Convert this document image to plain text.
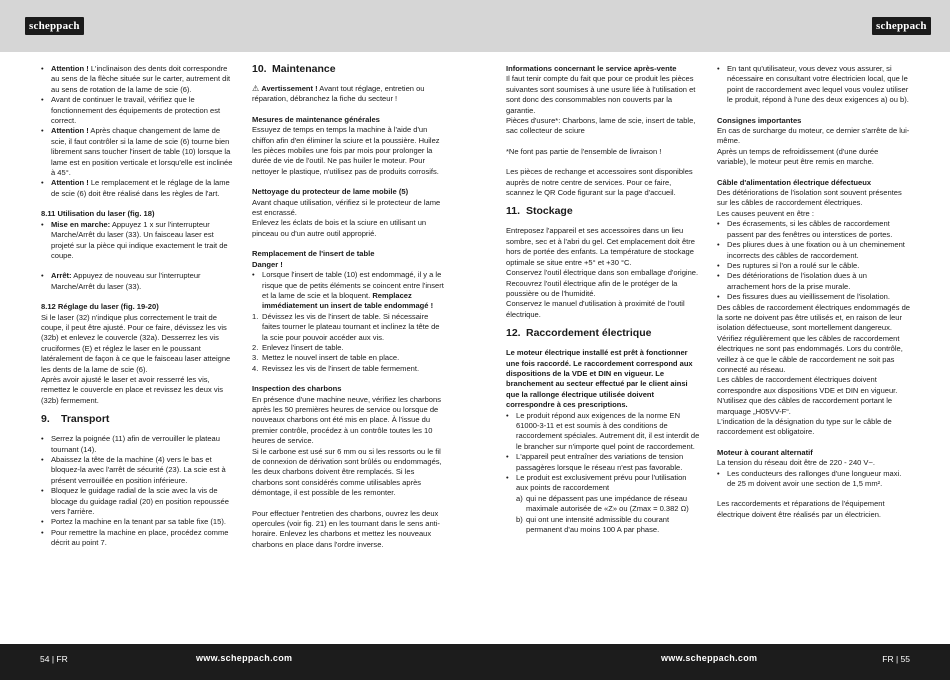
scheppach	scheppach
• Attention ! L'inclinaison des dents doit correspondre au sens de la flèche située sur le carter, autrement dit au sens de rotation de la lame de scie (6).
• Avant de continuer le travail, vérifiez que le fonctionnement des équipements de protection est correct.
• Attention ! Après chaque changement de lame de scie, il faut contrôler si la lame de scie (6) tourne bien librement sans toucher l'insert de table (10) lorsque la lame est en position verticale et lorsqu'elle est inclinée à 45°.
• Attention ! Le remplacement et le réglage de la lame de scie (6) doit être réalisé dans les règles de l'art.
8.11 Utilisation du laser (fig. 18)
• Mise en marche: Appuyez 1 x sur l'interrupteur Marche/Arrêt du laser (33). Un faisceau laser est projeté sur la pièce qui indique exactement le trait de coupe.
• Arrêt: Appuyez de nouveau sur l'interrupteur Marche/Arrêt du laser (33).
8.12 Réglage du laser (fig. 19-20)

Si le laser (32) n'indique plus correctement le trait de coupe, il peut être ajusté. Pour ce faire, dévissez les vis (32b) et enlevez le couvercle (32a). Desserrez les vis cruciformes (E) et réglez le laser en le poussant latéralement de façon à ce que le faisceau laser atteigne les dents de la lame de scie (6).

Après avoir ajusté le laser et avoir resserré les vis, remettez le couvercle en place et revissez les deux vis (32b) fermement.

9. Transport
• Serrez la poignée (11) afin de verrouiller le plateau tournant (14).
• Abaissez la tête de la machine (4) vers le bas et bloquez-la avec l'arrêt de sécurité (23). La scie est à présent verrouillée en position inférieure.
• Bloquez le guidage radial de la scie avec la vis de blocage du guidage radial (20) en position repoussée vers l'arrière.
• Portez la machine en la tenant par sa table fixe (15).
• Pour remettre la machine en place, procédez comme décrit au point 7.
10. Maintenance

⚠ Avertissement ! Avant tout réglage, entretien ou réparation, débranchez la fiche du secteur !

Mesures de maintenance générales

Essuyez de temps en temps la machine à l'aide d'un chiffon afin d'en éliminer la sciure et la poussière. Huilez les pièces mobiles une fois par mois pour prolonger la durée de vie de l'outil. Ne pas huiler le moteur. Pour nettoyer le plastique, n'utilisez pas de produits corrosifs.

Nettoyage du protecteur de lame mobile (5)

Avant chaque utilisation, vérifiez si le protecteur de lame est encrassé.

Enlevez les éclats de bois et la sciure en utilisant un pinceau ou d'un autre outil approprié.

Remplacement de l'insert de table
Danger !
• Lorsque l'insert de table (10) est endommagé, il y a le risque que de petits éléments se coincent entre l'insert et la lame de scie et la bloquent. Remplacez immédiatement un insert de table endommagé !
1. Dévissez les vis de l'insert de table. Si nécessaire faites tourner le plateau tournant et inclinez la tête de la scie pour pouvoir accéder aux vis.
2. Enlevez l'insert de table.
3. Mettez le nouvel insert de table en place.
4. Revissez les vis de l'insert de table fermement.
Inspection des charbons

En présence d'une machine neuve, vérifiez les charbons après les 50 premières heures de service ou lorsque de nouveaux charbons ont été mis en place. À l'issue du premier contrôle, procédez à un contrôle toutes les 10 heures de service.

Si le carbone est usé sur 6 mm ou si les ressorts ou le fil de connexion de dérivation sont brûlés ou endommagés, les deux charbons doivent être remplacés. Si les charbons sont considérés comme utilisables après démontage, il est possible de les remonter.

Pour effectuer l'entretien des charbons, ouvrez les deux opercules (voir fig. 21) en les tournant dans le sens anti-horaire. Enlevez les charbons et mettez les nouveaux charbons en place dans l'ordre inverse.

Informations concernant le service après-vente

Il faut tenir compte du fait que pour ce produit les pièces suivantes sont soumises à une usure liée à l'utilisation et sont donc des consommables non couverts par la garantie.

Pièces d'usure*: Charbons, lame de scie, insert de table, sac collecteur de sciure

*Ne font pas partie de l'ensemble de livraison !

Les pièces de rechange et accessoires sont disponibles auprès de notre centre de services. Pour ce faire, scannez le QR Code figurant sur la page d'accueil.

11. Stockage

Entreposez l'appareil et ses accessoires dans un lieu sombre, sec et à l'abri du gel. Cet emplacement doit être hors de portée des enfants. La température de stockage optimale se situe entre +5° et +30 °C.

Conservez l'outil électrique dans son emballage d'origine.

Recouvrez l'outil électrique afin de le protéger de la poussière ou de l'humidité.

Conservez le manuel d'utilisation à proximité de l'outil électrique.

12. Raccordement électrique

Le moteur électrique installé est prêt à fonctionner une fois raccordé. Le raccordement correspond aux dispositions de la VDE et DIN en vigueur. Le branchement au secteur effectué par le client ainsi que la rallonge électrique utilisée doivent correspondre à ces prescriptions.

• Le produit répond aux exigences de la norme EN 61000-3-11 et est soumis à des conditions de raccordement spéciales. Autrement dit, il est interdit de le brancher sur n'importe quel point de raccordement.
• L'appareil peut entraîner des variations de tension passagères lorsque le réseau n'est pas favorable.
• Le produit est exclusivement prévu pour l'utilisation aux points de raccordement
a) qui ne dépassent pas une impédance de réseau maximale autorisée de «Z» ou (Zmax = 0.382 Ω)
b) qui ont une intensité admissible du courant permanent d'au moins 100 A par phase.
• En tant qu'utilisateur, vous devez vous assurer, si nécessaire en consultant votre électricien local, que le point de raccordement avec lequel vous voulez utiliser le produit, répond à l'une des deux exigences a) ou b).
Consignes importantes

En cas de surcharge du moteur, ce dernier s'arrête de lui-même.

Après un temps de refroidissement (d'une durée variable), le moteur peut être remis en marche.

Câble d'alimentation électrique défectueux

Des détériorations de l'isolation sont souvent présentes sur les câbles de raccordement électriques.

Les causes peuvent en être :

• Des écrasements, si les câbles de raccordement passent par des fenêtres ou interstices de portes.
• Des pliures dues à une fixation ou à un cheminement incorrects des câbles de raccordement.
• Des ruptures si l'on a roulé sur le câble.
• Des détériorations de l'isolation dues à un arrachement hors de la prise murale.
• Des fissures dues au vieillissement de l'isolation.

Des câbles de raccordement électriques endommagés de la sorte ne doivent pas être utilisés et, en raison de leur isolation défectueuse, sont mortellement dangereux.

Vérifiez régulièrement que les câbles de raccordement électriques ne sont pas endommagés. Lors du contrôle, veillez à ce que le câble de raccordement ne soit pas connecté au réseau.

Les câbles de raccordement électriques doivent correspondre aux dispositions VDE et DIN en vigueur. N'utilisez que des câbles de raccordement portant le marquage „H05VV-F“.

L'indication de la désignation du type sur le câble de raccordement est obligatoire.

Moteur à courant alternatif

La tension du réseau doit être de 220 - 240 V~.

• Les conducteurs des rallonges d'une longueur maxi. de 25 m doivent avoir une section de 1,5 mm².

Les raccordements et réparations de l'équipement électrique doivent être réalisés par un électricien.

54 | FR	www.scheppach.com	www.scheppach.com	FR | 55
